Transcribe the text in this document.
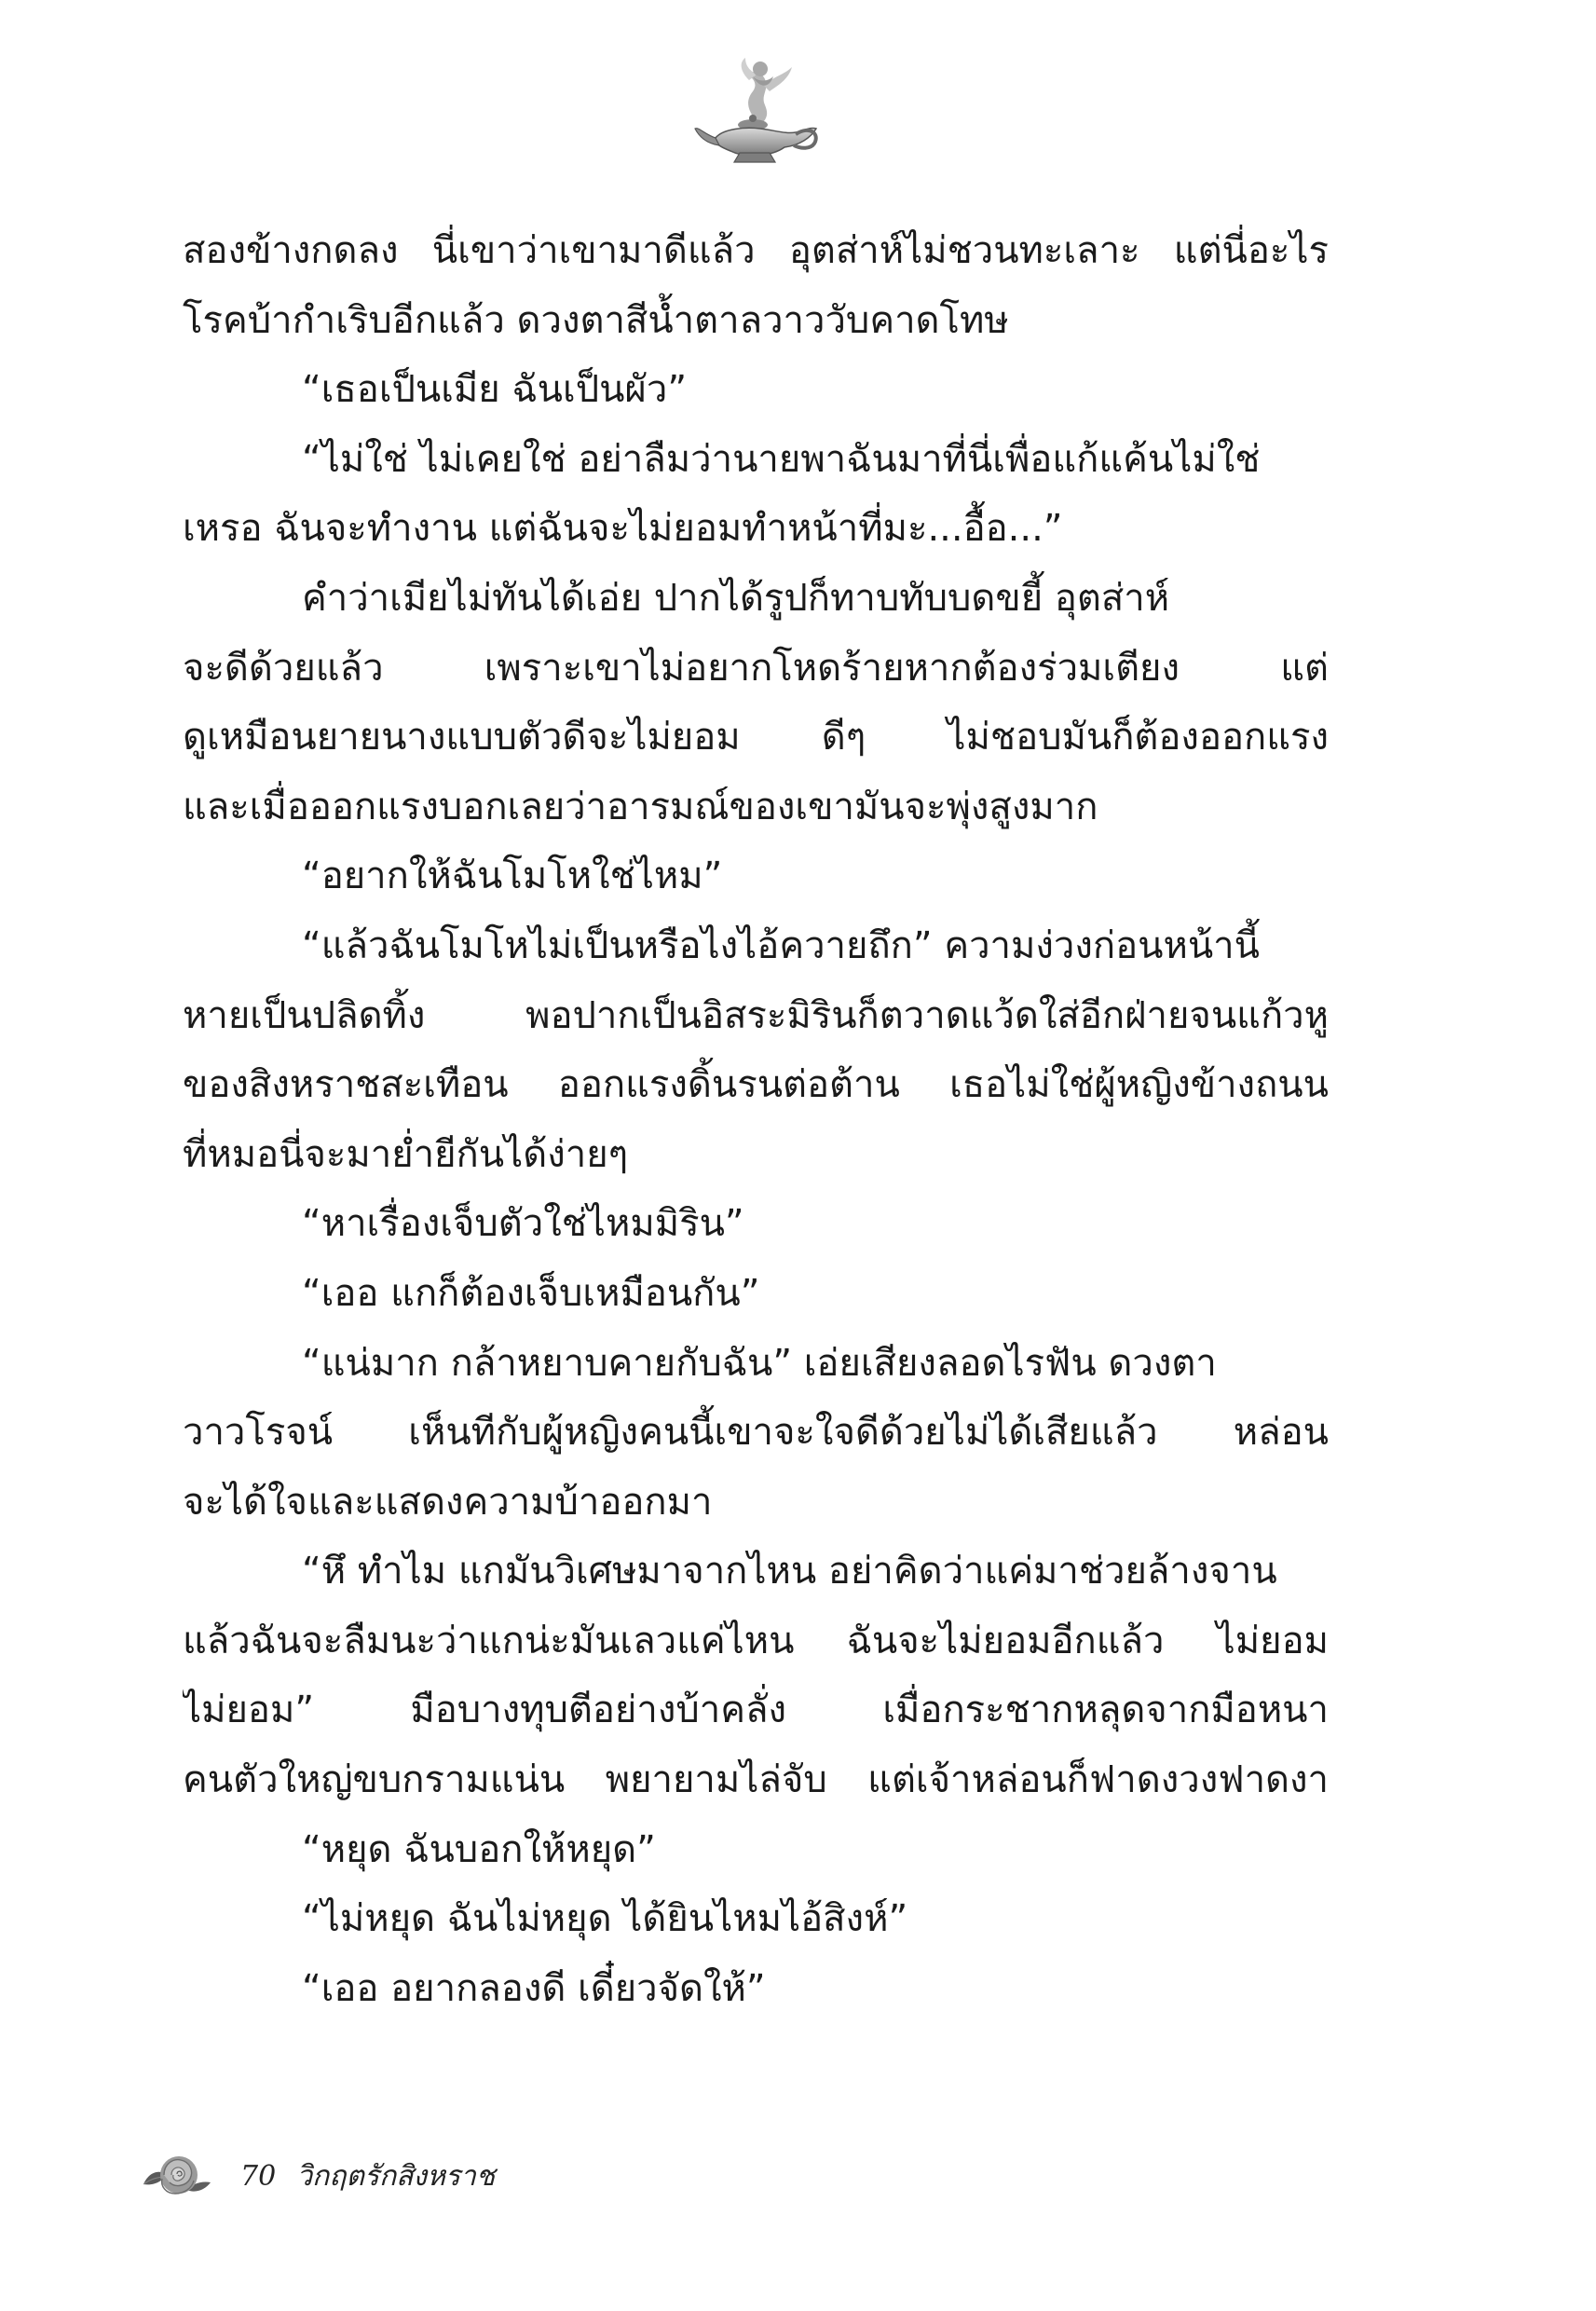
สองข้างกดลง นี่เขาว่าเขามาดีแล้ว อุตส่าห์ไม่ชวนทะเลาะ แต่นี่อะไร
โรคบ้ากำเริบอีกแล้ว ดวงตาสีน้ำตาลวาววับคาดโทษ
“เธอเป็นเมีย ฉันเป็นผัว”
“ไม่ใช่ ไม่เคยใช่ อย่าลืมว่านายพาฉันมาที่นี่เพื่อแก้แค้นไม่ใช่
เหรอ ฉันจะทำงาน แต่ฉันจะไม่ยอมทำหน้าที่มะ...อื้อ...”
คำว่าเมียไม่ทันได้เอ่ย ปากได้รูปก็ทาบทับบดขยี้ อุตส่าห์
จะดีด้วยแล้ว เพราะเขาไม่อยากโหดร้ายหากต้องร่วมเตียง แต่
ดูเหมือนยายนางแบบตัวดีจะไม่ยอม ดีๆ ไม่ชอบมันก็ต้องออกแรง
และเมื่อออกแรงบอกเลยว่าอารมณ์ของเขามันจะพุ่งสูงมาก
“อยากให้ฉันโมโหใช่ไหม”
“แล้วฉันโมโหไม่เป็นหรือไงไอ้ควายถึก” ความง่วงก่อนหน้านี้
หายเป็นปลิดทิ้ง พอปากเป็นอิสระมิรินก็ตวาดแว้ดใส่อีกฝ่ายจนแก้วหู
ของสิงหราชสะเทือน ออกแรงดิ้นรนต่อต้าน เธอไม่ใช่ผู้หญิงข้างถนน
ที่หมอนี่จะมาย่ำยีกันได้ง่ายๆ
“หาเรื่องเจ็บตัวใช่ไหมมิริน”
“เออ แกก็ต้องเจ็บเหมือนกัน”
“แน่มาก กล้าหยาบคายกับฉัน” เอ่ยเสียงลอดไรฟัน ดวงตา
วาวโรจน์ เห็นทีกับผู้หญิงคนนี้เขาจะใจดีด้วยไม่ได้เสียแล้ว หล่อน
จะได้ใจและแสดงความบ้าออกมา
“หึ ทำไม แกมันวิเศษมาจากไหน อย่าคิดว่าแค่มาช่วยล้างจาน
แล้วฉันจะลืมนะว่าแกน่ะมันเลวแค่ไหน ฉันจะไม่ยอมอีกแล้ว ไม่ยอม
ไม่ยอม” มือบางทุบตีอย่างบ้าคลั่ง เมื่อกระชากหลุดจากมือหนา
คนตัวใหญ่ขบกรามแน่น พยายามไล่จับ แต่เจ้าหล่อนก็ฟาดงวงฟาดงา
“หยุด ฉันบอกให้หยุด”
“ไม่หยุด ฉันไม่หยุด ได้ยินไหมไอ้สิงห์”
“เออ อยากลองดี เดี๋ยวจัดให้”
70 วิกฤตรักสิงหราช
